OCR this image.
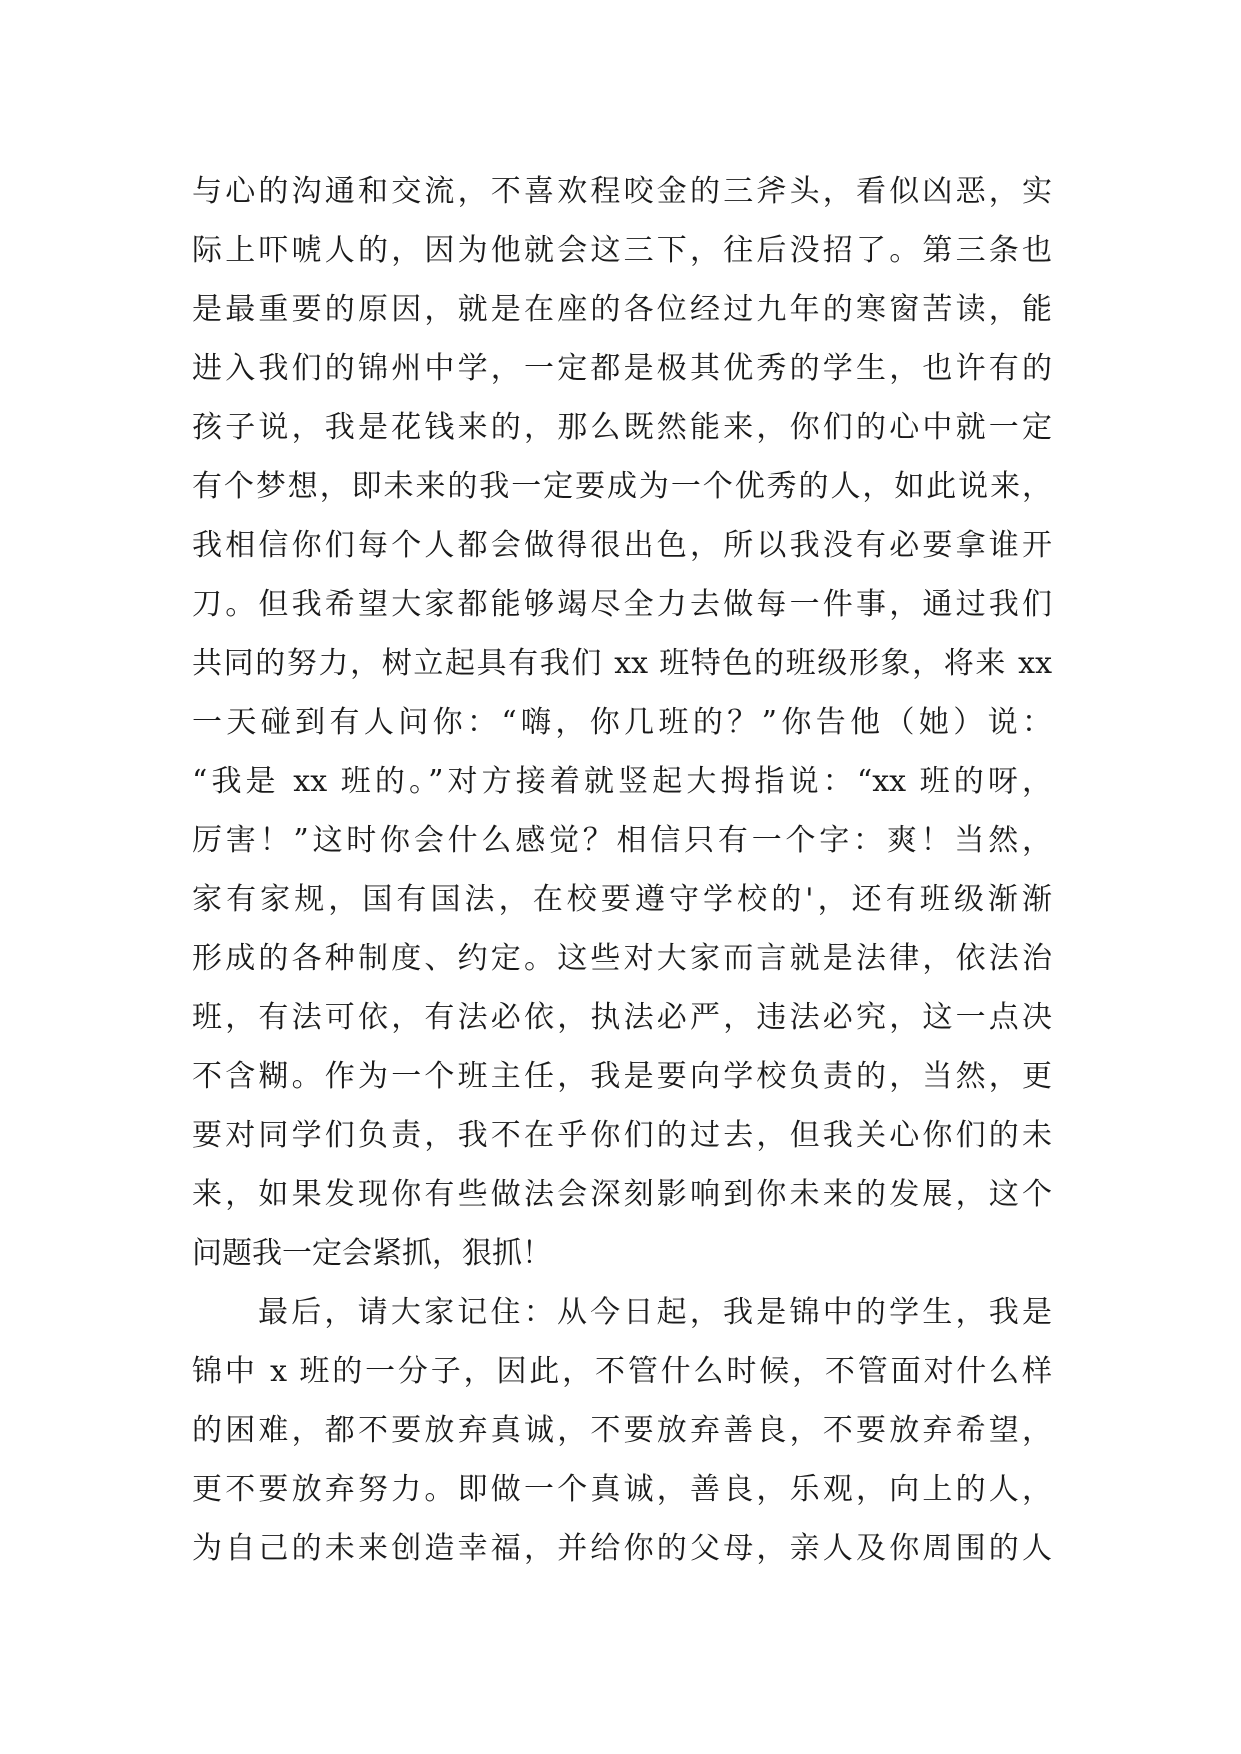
与心的沟通和交流，不喜欢程咬金的三斧头，看似凶恶，实
际上吓唬人的，因为他就会这三下，往后没招了。第三条也
是最重要的原因，就是在座的各位经过九年的寒窗苦读，能
进入我们的锦州中学，一定都是极其优秀的学生，也许有的
孩子说，我是花钱来的，那么既然能来，你们的心中就一定
有个梦想，即未来的我一定要成为一个优秀的人，如此说来，
我相信你们每个人都会做得很出色，所以我没有必要拿谁开
刀。但我希望大家都能够竭尽全力去做每一件事，通过我们
共同的努力，树立起具有我们 xx 班特色的班级形象，将来 xx
一天碰到有人问你：“嗨，你几班的？”你告他（她）说：
“我是 xx 班的。”对方接着就竖起大拇指说：“xx 班的呀，
厉害！”这时你会什么感觉？相信只有一个字：爽！当然，
家有家规，国有国法，在校要遵守学校的'，还有班级渐渐
形成的各种制度、约定。这些对大家而言就是法律，依法治
班，有法可依，有法必依，执法必严，违法必究，这一点决
不含糊。作为一个班主任，我是要向学校负责的，当然，更
要对同学们负责，我不在乎你们的过去，但我关心你们的未
来，如果发现你有些做法会深刻影响到你未来的发展，这个
问题我一定会紧抓，狠抓！
最后，请大家记住：从今日起，我是锦中的学生，我是
锦中 x 班的一分子，因此，不管什么时候，不管面对什么样
的困难，都不要放弃真诚，不要放弃善良，不要放弃希望，
更不要放弃努力。即做一个真诚，善良，乐观，向上的人，
为自己的未来创造幸福，并给你的父母，亲人及你周围的人
